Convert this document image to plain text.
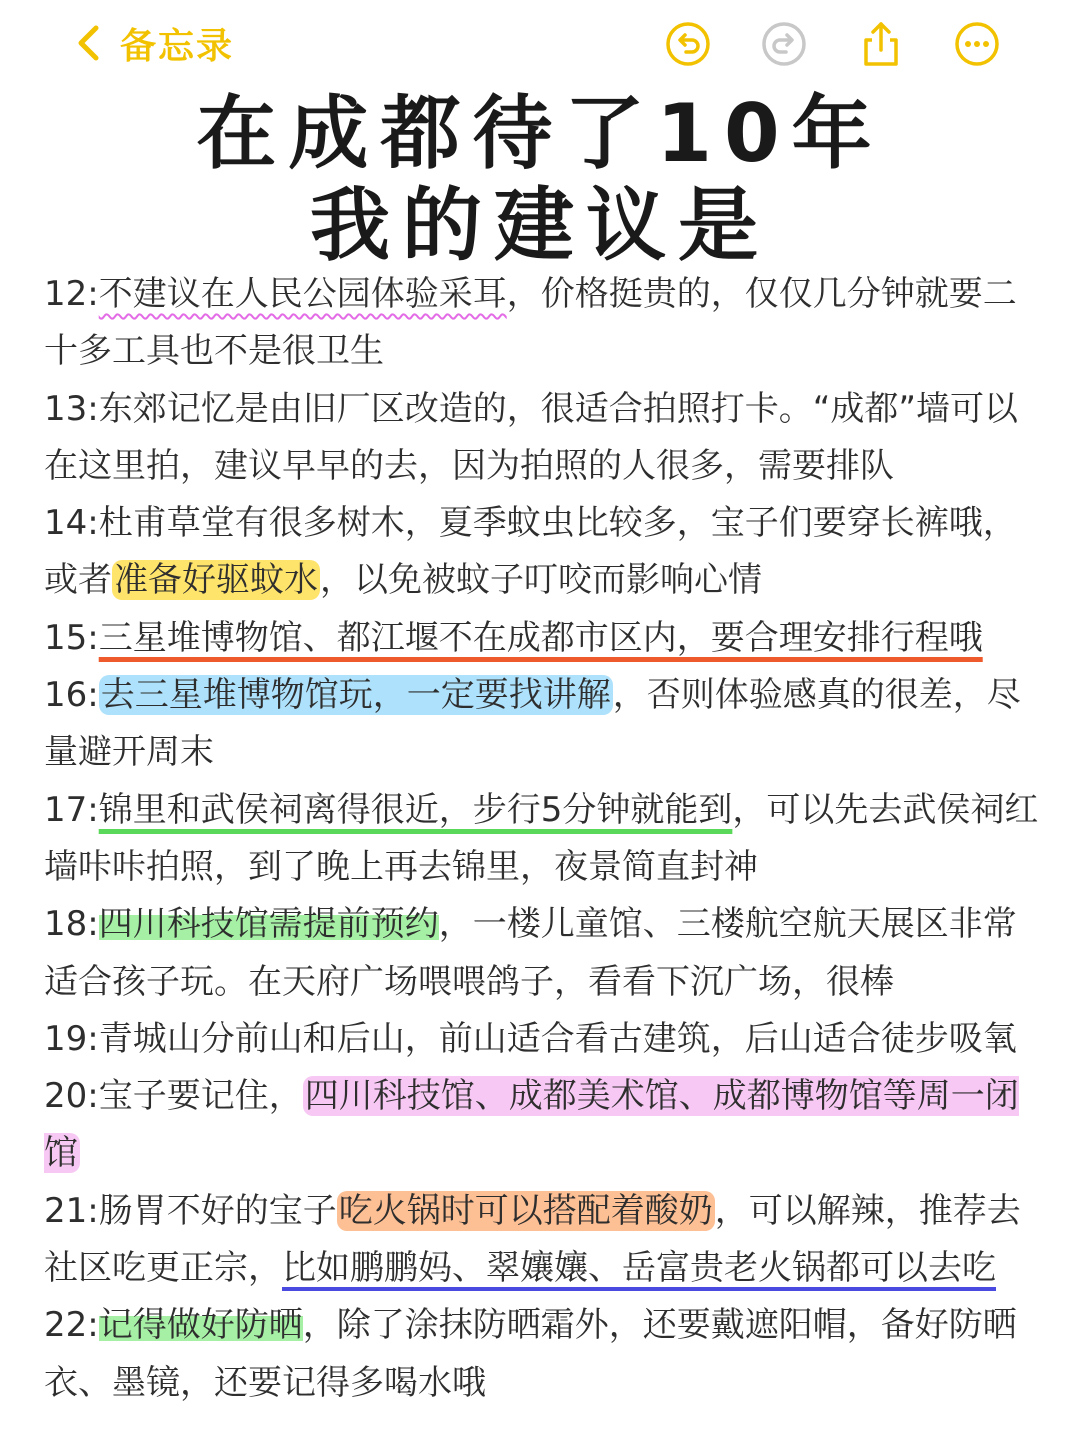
备忘录
在成都待了10年
我的建议是

12:不建议在人民公园体验采耳，价格挺贵的，仅仅几分钟就要二十多工具也不是很卫生

13:东郊记忆是由旧厂区改造的，很适合拍照打卡。“成都”墙可以在这里拍，建议早早的去，因为拍照的人很多，需要排队

14:杜甫草堂有很多树木，夏季蚊虫比较多，宝子们要穿长裤哦，或者准备好驱蚊水，以免被蚊子叮咬而影响心情

15:三星堆博物馆、都江堰不在成都市区内，要合理安排行程哦

16:去三星堆博物馆玩，一定要找讲解，否则体验感真的很差，尽量避开周末

17:锦里和武侯祠离得很近，步行5分钟就能到，可以先去武侯祠红墙咔咔拍照，到了晚上再去锦里，夜景简直封神

18:四川科技馆需提前预约，一楼儿童馆、三楼航空航天展区非常适合孩子玩。在天府广场喂喂鸽子，看看下沉广场，很棒

19:青城山分前山和后山，前山适合看古建筑，后山适合徒步吸氧

20:宝子要记住，四川科技馆、成都美术馆、成都博物馆等周一闭馆

21:肠胃不好的宝子吃火锅时可以搭配着酸奶，可以解辣，推荐去社区吃更正宗，比如鹏鹏妈、翠孃孃、岳富贵老火锅都可以去吃

22:记得做好防晒，除了涂抹防晒霜外，还要戴遮阳帽，备好防晒衣、墨镜，还要记得多喝水哦
